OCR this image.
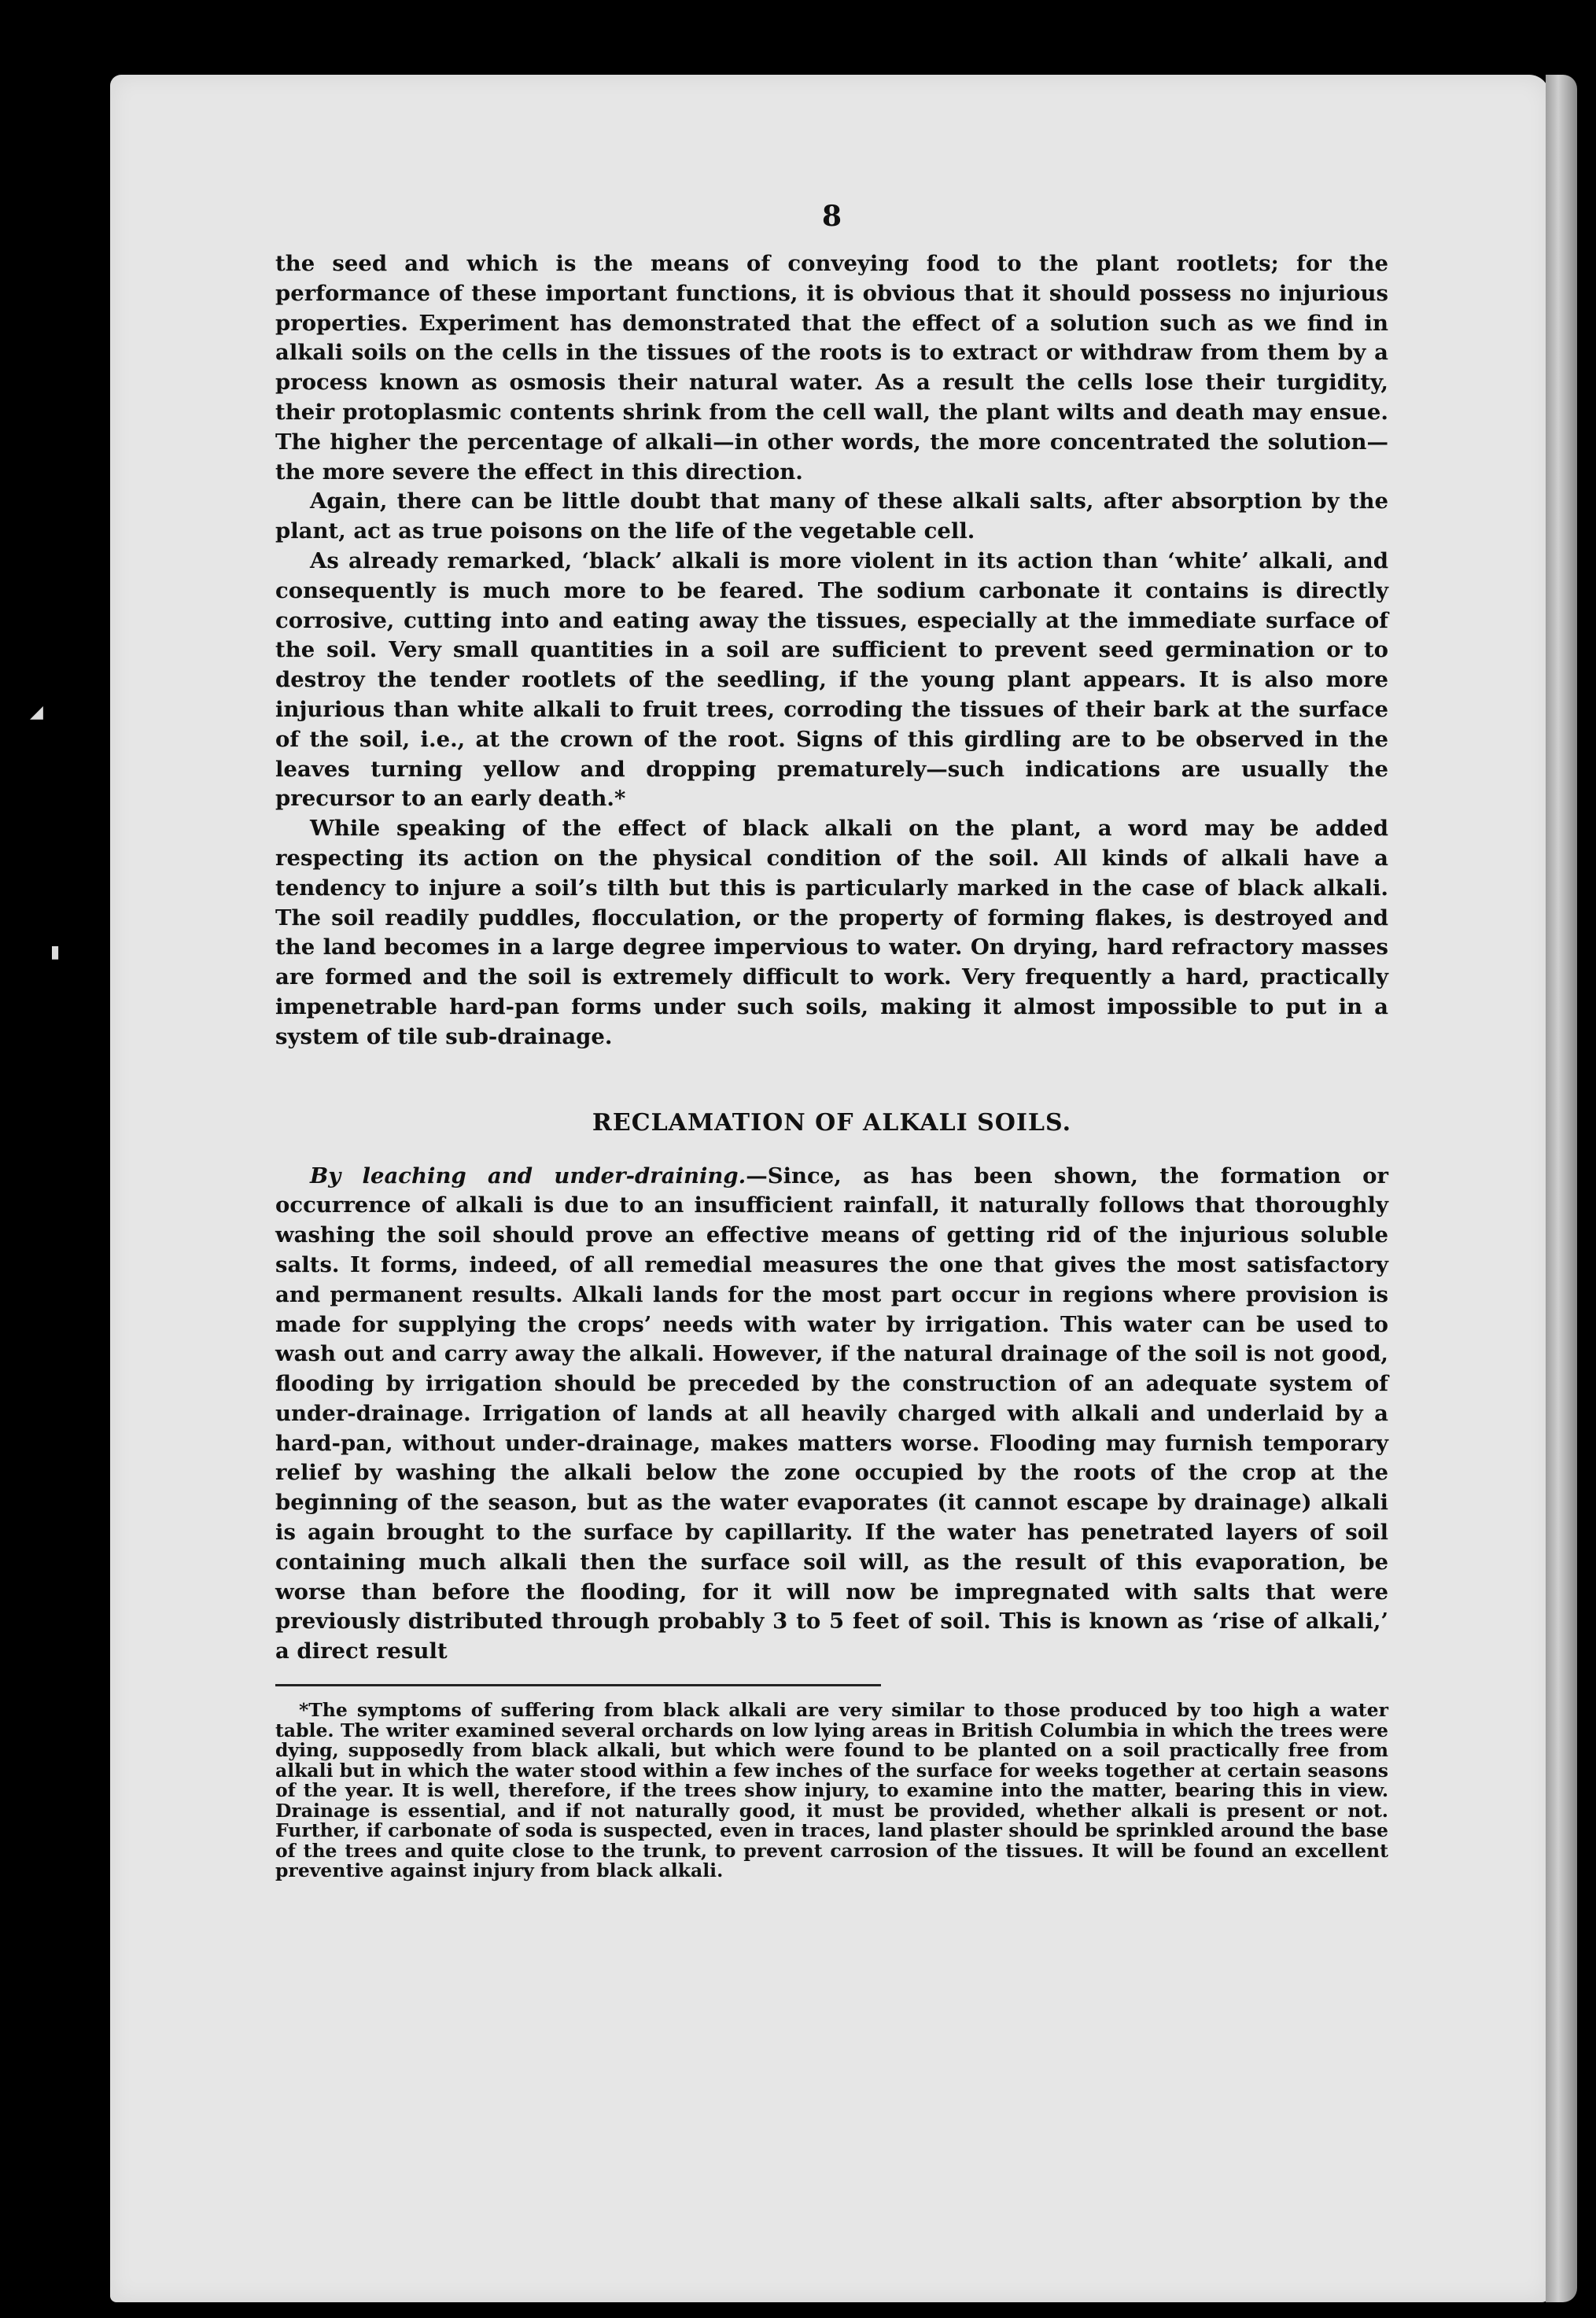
◢
▮
8

the seed and which is the means of conveying food to the plant rootlets; for the performance of these important functions, it is obvious that it should possess no injurious properties. Experiment has demonstrated that the effect of a solution such as we find in alkali soils on the cells in the tissues of the roots is to extract or withdraw from them by a process known as osmosis their natural water. As a result the cells lose their turgidity, their protoplasmic contents shrink from the cell wall, the plant wilts and death may ensue. The higher the percentage of alkali—in other words, the more concentrated the solution—the more severe the effect in this direction.

Again, there can be little doubt that many of these alkali salts, after absorption by the plant, act as true poisons on the life of the vegetable cell.

As already remarked, ‘black’ alkali is more violent in its action than ‘white’ alkali, and consequently is much more to be feared. The sodium carbonate it contains is directly corrosive, cutting into and eating away the tissues, especially at the immediate surface of the soil. Very small quantities in a soil are sufficient to prevent seed germination or to destroy the tender rootlets of the seedling, if the young plant appears. It is also more injurious than white alkali to fruit trees, corroding the tissues of their bark at the surface of the soil, i.e., at the crown of the root. Signs of this girdling are to be observed in the leaves turning yellow and dropping prematurely—such indications are usually the precursor to an early death.*

While speaking of the effect of black alkali on the plant, a word may be added respecting its action on the physical condition of the soil. All kinds of alkali have a tendency to injure a soil’s tilth but this is particularly marked in the case of black alkali. The soil readily puddles, flocculation, or the property of forming flakes, is destroyed and the land becomes in a large degree impervious to water. On drying, hard refractory masses are formed and the soil is extremely difficult to work. Very frequently a hard, practically impenetrable hard-pan forms under such soils, making it almost impossible to put in a system of tile sub-drainage.

RECLAMATION OF ALKALI SOILS.

By leaching and under-draining.—Since, as has been shown, the formation or occurrence of alkali is due to an insufficient rainfall, it naturally follows that thoroughly washing the soil should prove an effective means of getting rid of the injurious soluble salts. It forms, indeed, of all remedial measures the one that gives the most satisfactory and permanent results. Alkali lands for the most part occur in regions where provision is made for supplying the crops’ needs with water by irrigation. This water can be used to wash out and carry away the alkali. However, if the natural drainage of the soil is not good, flooding by irrigation should be preceded by the construction of an adequate system of under-drainage. Irrigation of lands at all heavily charged with alkali and underlaid by a hard-pan, without under-drainage, makes matters worse. Flooding may furnish temporary relief by washing the alkali below the zone occupied by the roots of the crop at the beginning of the season, but as the water evaporates (it cannot escape by drainage) alkali is again brought to the surface by capillarity. If the water has penetrated layers of soil containing much alkali then the surface soil will, as the result of this evaporation, be worse than before the flooding, for it will now be impregnated with salts that were previously distributed through probably 3 to 5 feet of soil. This is known as ‘rise of alkali,’ a direct result

*The symptoms of suffering from black alkali are very similar to those produced by too high a water table. The writer examined several orchards on low lying areas in British Columbia in which the trees were dying, supposedly from black alkali, but which were found to be planted on a soil practically free from alkali but in which the water stood within a few inches of the surface for weeks together at certain seasons of the year. It is well, therefore, if the trees show injury, to examine into the matter, bearing this in view. Drainage is essential, and if not naturally good, it must be provided, whether alkali is present or not. Further, if carbonate of soda is suspected, even in traces, land plaster should be sprinkled around the base of the trees and quite close to the trunk, to prevent carrosion of the tissues. It will be found an excellent preventive against injury from black alkali.
